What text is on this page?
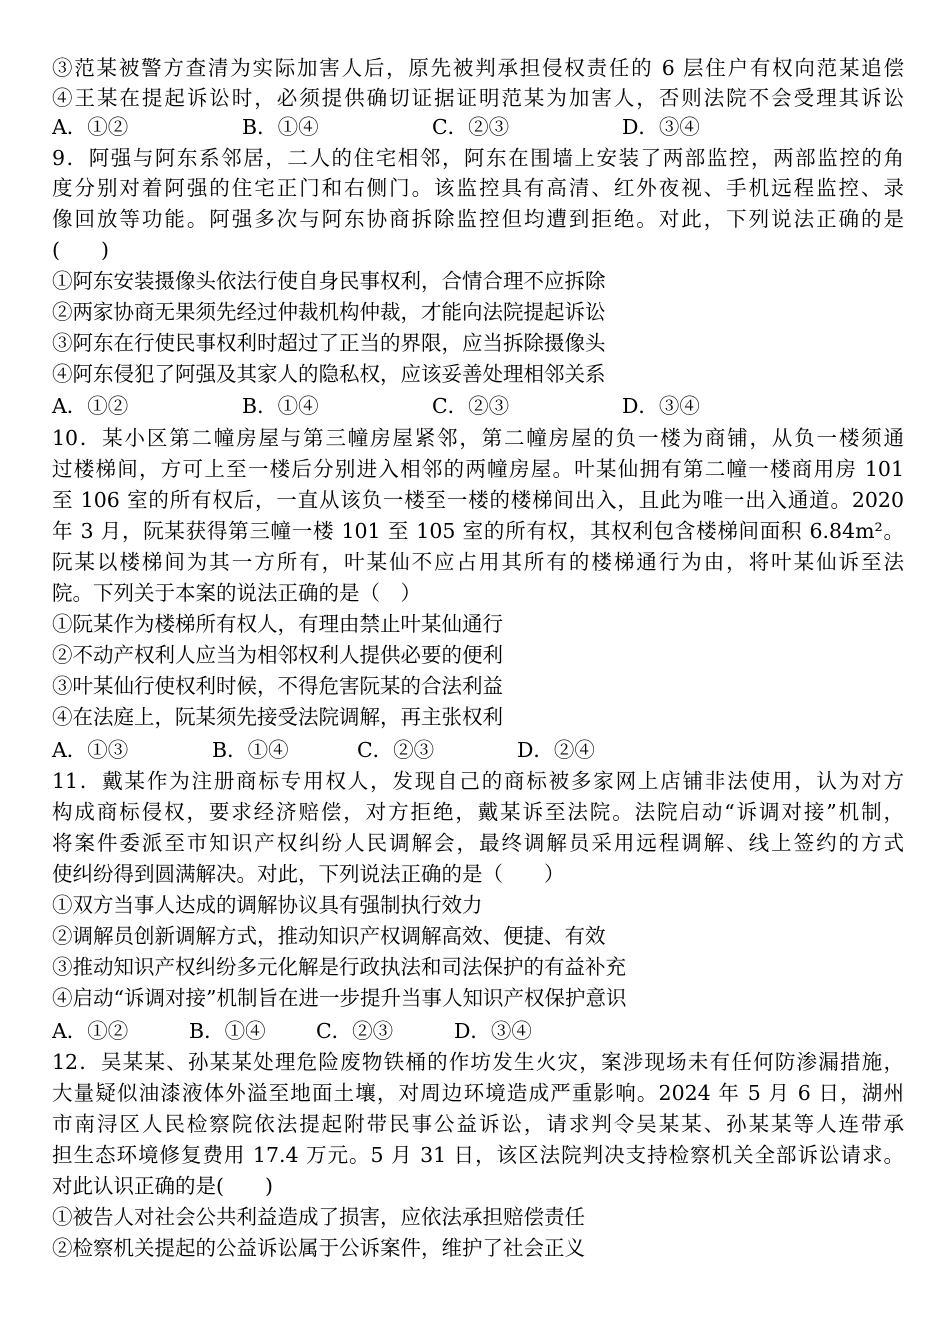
③范某被警方查清为实际加害人后，原先被判承担侵权责任的 6 层住户有权向范某追偿
④王某在提起诉讼时，必须提供确切证据证明范某为加害人，否则法院不会受理其诉讼
A．①②	B．①④	C．②③	D．③④
9．阿强与阿东系邻居，二人的住宅相邻，阿东在围墙上安装了两部监控，两部监控的角
度分别对着阿强的住宅正门和右侧门。该监控具有高清、红外夜视、手机远程监控、录
像回放等功能。阿强多次与阿东协商拆除监控但均遭到拒绝。对此，下列说法正确的是
(　　)
①阿东安装摄像头依法行使自身民事权利，合情合理不应拆除
②两家协商无果须先经过仲裁机构仲裁，才能向法院提起诉讼
③阿东在行使民事权利时超过了正当的界限，应当拆除摄像头
④阿东侵犯了阿强及其家人的隐私权，应该妥善处理相邻关系
A．①②	B．①④	C．②③	D．③④
10．某小区第二幢房屋与第三幢房屋紧邻，第二幢房屋的负一楼为商铺，从负一楼须通
过楼梯间，方可上至一楼后分别进入相邻的两幢房屋。叶某仙拥有第二幢一楼商用房 101
至 106 室的所有权后，一直从该负一楼至一楼的楼梯间出入，且此为唯一出入通道。2020
年 3 月，阮某获得第三幢一楼 101 至 105 室的所有权，其权利包含楼梯间面积 6.84m²。
阮某以楼梯间为其一方所有，叶某仙不应占用其所有的楼梯通行为由，将叶某仙诉至法
院。下列关于本案的说法正确的是（　）
①阮某作为楼梯所有权人，有理由禁止叶某仙通行
②不动产权利人应当为相邻权利人提供必要的便利
③叶某仙行使权利时候，不得危害阮某的合法利益
④在法庭上，阮某须先接受法院调解，再主张权利
A．①③	B．①④	C．②③	D．②④
11．戴某作为注册商标专用权人，发现自己的商标被多家网上店铺非法使用，认为对方
构成商标侵权，要求经济赔偿，对方拒绝，戴某诉至法院。法院启动“诉调对接”机制，
将案件委派至市知识产权纠纷人民调解会，最终调解员采用远程调解、线上签约的方式
使纠纷得到圆满解决。对此，下列说法正确的是（　　）
①双方当事人达成的调解协议具有强制执行效力
②调解员创新调解方式，推动知识产权调解高效、便捷、有效
③推动知识产权纠纷多元化解是行政执法和司法保护的有益补充
④启动“诉调对接”机制旨在进一步提升当事人知识产权保护意识
A．①②	B．①④	C．②③	D．③④
12．吴某某、孙某某处理危险废物铁桶的作坊发生火灾，案涉现场未有任何防渗漏措施，
大量疑似油漆液体外溢至地面土壤，对周边环境造成严重影响。2024 年 5 月 6 日，湖州
市南浔区人民检察院依法提起附带民事公益诉讼，请求判令吴某某、孙某某等人连带承
担生态环境修复费用 17.4 万元。5 月 31 日，该区法院判决支持检察机关全部诉讼请求。
对此认识正确的是(　　)
①被告人对社会公共利益造成了损害，应依法承担赔偿责任
②检察机关提起的公益诉讼属于公诉案件，维护了社会正义
